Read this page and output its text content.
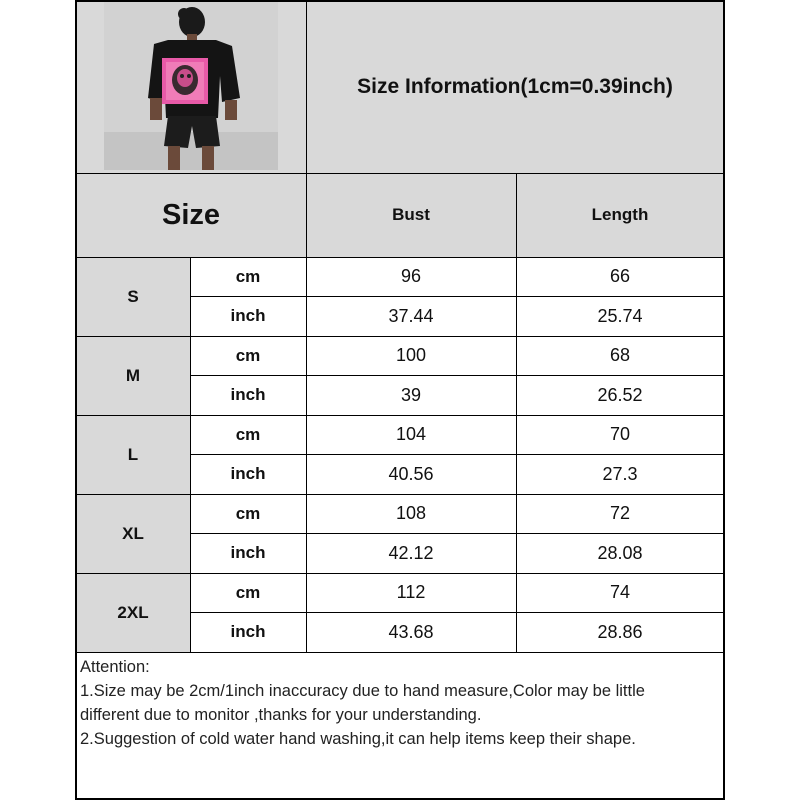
Size Information(1cm=0.39inch)
Size	Bust	Length
S
cm	96	66
inch	37.44	25.74
M
cm	100	68
inch	39	26.52
L
cm	104	70
inch	40.56	27.3
XL
cm	108	72
inch	42.12	28.08
2XL
cm	112	74
inch	43.68	28.86
Attention:
1.Size may be 2cm/1inch inaccuracy due to hand measure,Color may be little
different due to monitor ,thanks for your understanding.
2.Suggestion of cold water hand washing,it can help items keep their shape.
